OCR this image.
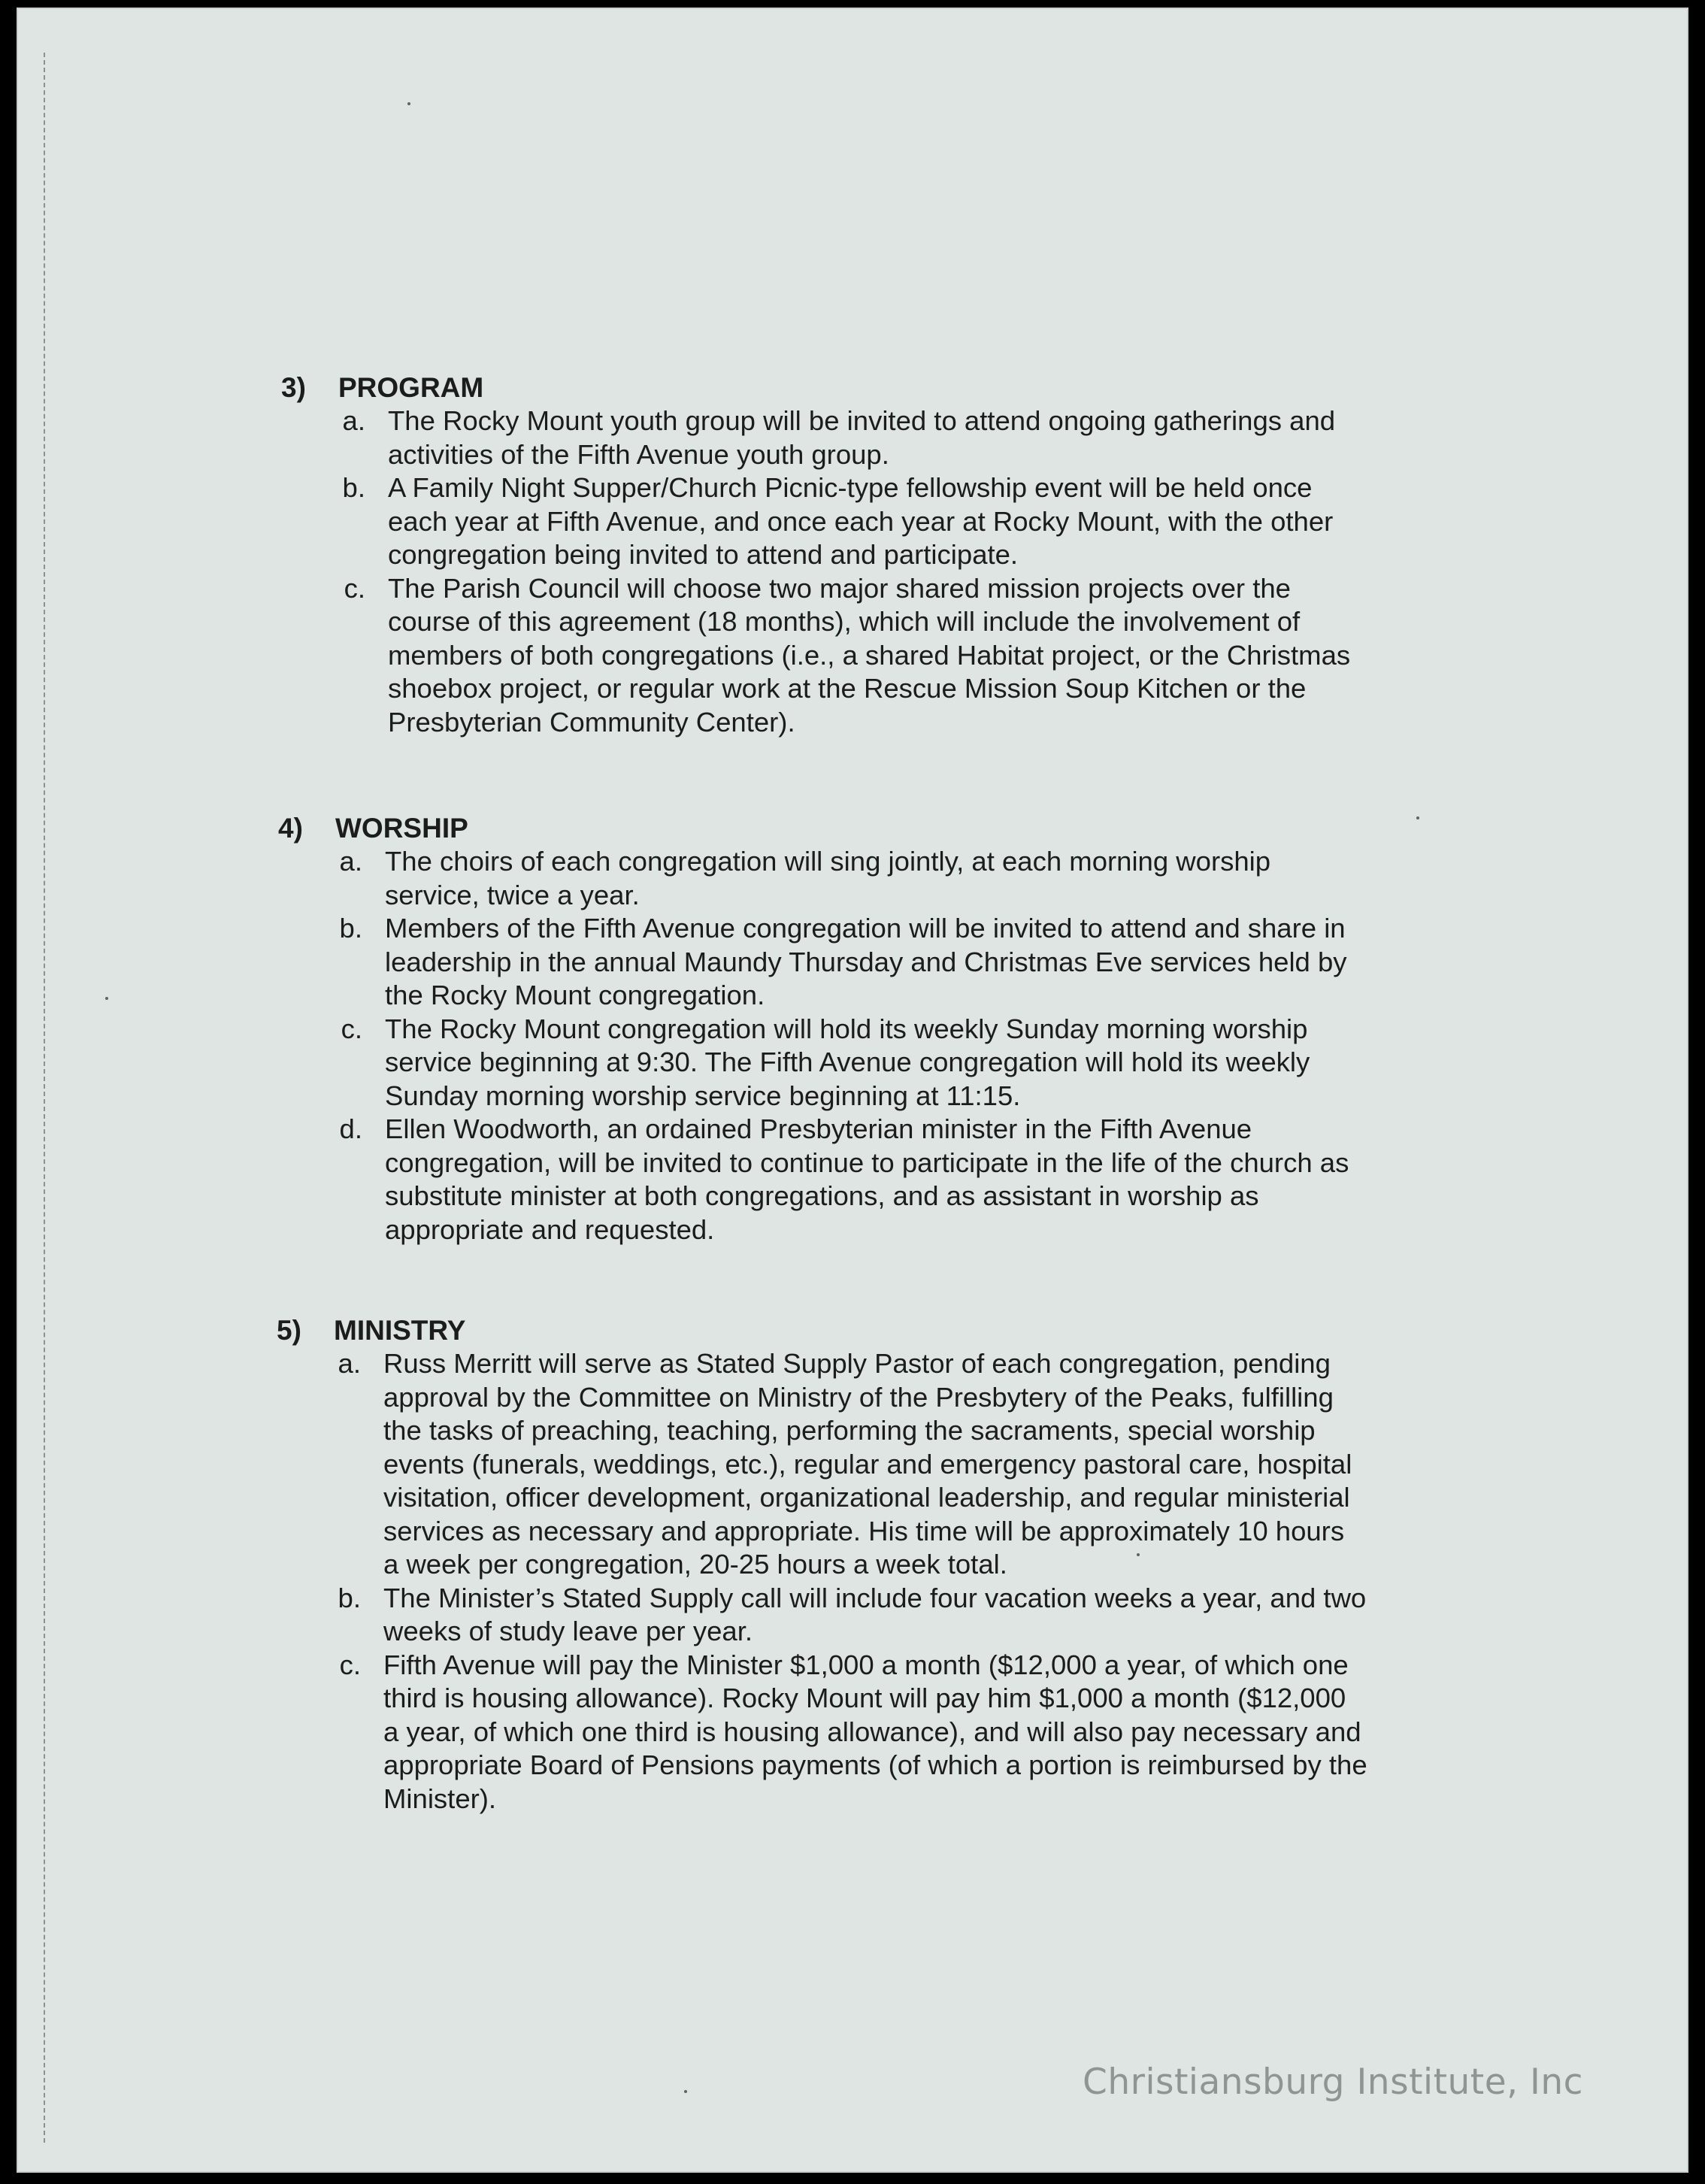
3)	PROGRAM
a. The Rocky Mount youth group will be invited to attend ongoing gatherings and
activities of the Fifth Avenue youth group.
b. A Family Night Supper/Church Picnic-type fellowship event will be held once
each year at Fifth Avenue, and once each year at Rocky Mount, with the other
congregation being invited to attend and participate.
c. The Parish Council will choose two major shared mission projects over the
course of this agreement (18 months), which will include the involvement of
members of both congregations (i.e., a shared Habitat project, or the Christmas
shoebox project, or regular work at the Rescue Mission Soup Kitchen or the
Presbyterian Community Center).
4)	WORSHIP
a. The choirs of each congregation will sing jointly, at each morning worship
service, twice a year.
b. Members of the Fifth Avenue congregation will be invited to attend and share in
leadership in the annual Maundy Thursday and Christmas Eve services held by
the Rocky Mount congregation.
c. The Rocky Mount congregation will hold its weekly Sunday morning worship
service beginning at 9:30. The Fifth Avenue congregation will hold its weekly
Sunday morning worship service beginning at 11:15.
d. Ellen Woodworth, an ordained Presbyterian minister in the Fifth Avenue
congregation, will be invited to continue to participate in the life of the church as
substitute minister at both congregations, and as assistant in worship as
appropriate and requested.
5)	MINISTRY
a. Russ Merritt will serve as Stated Supply Pastor of each congregation, pending
approval by the Committee on Ministry of the Presbytery of the Peaks, fulfilling
the tasks of preaching, teaching, performing the sacraments, special worship
events (funerals, weddings, etc.), regular and emergency pastoral care, hospital
visitation, officer development, organizational leadership, and regular ministerial
services as necessary and appropriate. His time will be approximately 10 hours
a week per congregation, 20-25 hours a week total.
b. The Minister’s Stated Supply call will include four vacation weeks a year, and two
weeks of study leave per year.
c. Fifth Avenue will pay the Minister $1,000 a month ($12,000 a year, of which one
third is housing allowance). Rocky Mount will pay him $1,000 a month ($12,000
a year, of which one third is housing allowance), and will also pay necessary and
appropriate Board of Pensions payments (of which a portion is reimbursed by the
Minister).
Christiansburg Institute, Inc
